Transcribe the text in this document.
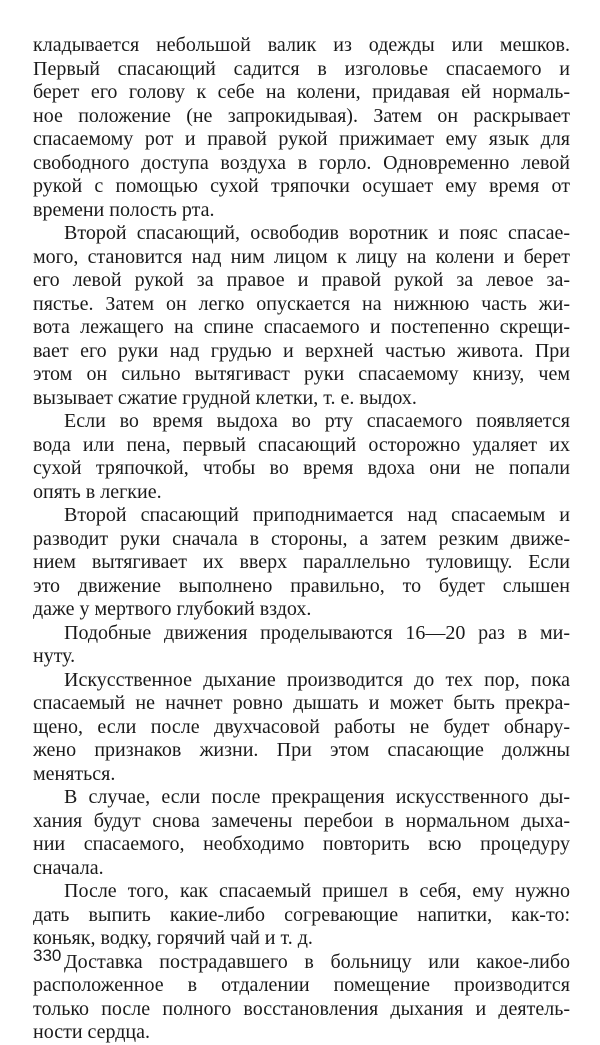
кладывается небольшой валик из одежды или мешков.
Первый спасающий садится в изголовье спасаемого и
берет его голову к себе на колени, придавая ей нормаль-
ное положение (не запрокидывая). Затем он раскрывает
спасаемому рот и правой рукой прижимает ему язык для
свободного доступа воздуха в горло. Одновременно левой
рукой с помощью сухой тряпочки осушает ему время от
времени полость рта.
Второй спасающий, освободив воротник и пояс спасае-
мого, становится над ним лицом к лицу на колени и берет
его левой рукой за правое и правой рукой за левое за-
пястье. Затем он легко опускается на нижнюю часть жи-
вота лежащего на спине спасаемого и постепенно скрещи-
вает его руки над грудью и верхней частью живота. При
этом он сильно вытягиваст руки спасаемому книзу, чем
вызывает сжатие грудной клетки, т. е. выдох.
Если во время выдоха во рту спасаемого появляется
вода или пена, первый спасающий осторожно удаляет их
сухой тряпочкой, чтобы во время вдоха они не попали
опять в легкие.
Второй спасающий приподнимается над спасаемым и
разводит руки сначала в стороны, а затем резким движе-
нием вытягивает их вверх параллельно туловищу. Если
это движение выполнено правильно, то будет слышен
даже у мертвого глубокий вздох.
Подобные движения проделываются 16—20 раз в ми-
нуту.
Искусственное дыхание производится до тех пор, пока
спасаемый не начнет ровно дышать и может быть прекра-
щено, если после двухчасовой работы не будет обнару-
жено признаков жизни. При этом спасающие должны
меняться.
В случае, если после прекращения искусственного ды-
хания будут снова замечены перебои в нормальном дыха-
нии спасаемого, необходимо повторить всю процедуру
сначала.
После того, как спасаемый пришел в себя, ему нужно
дать выпить какие-либо согревающие напитки, как-то:
коньяк, водку, горячий чай и т. д.
Доставка пострадавшего в больницу или какое-либо
расположенное в отдалении помещение производится
только после полного восстановления дыхания и деятель-
ности сердца.
330
